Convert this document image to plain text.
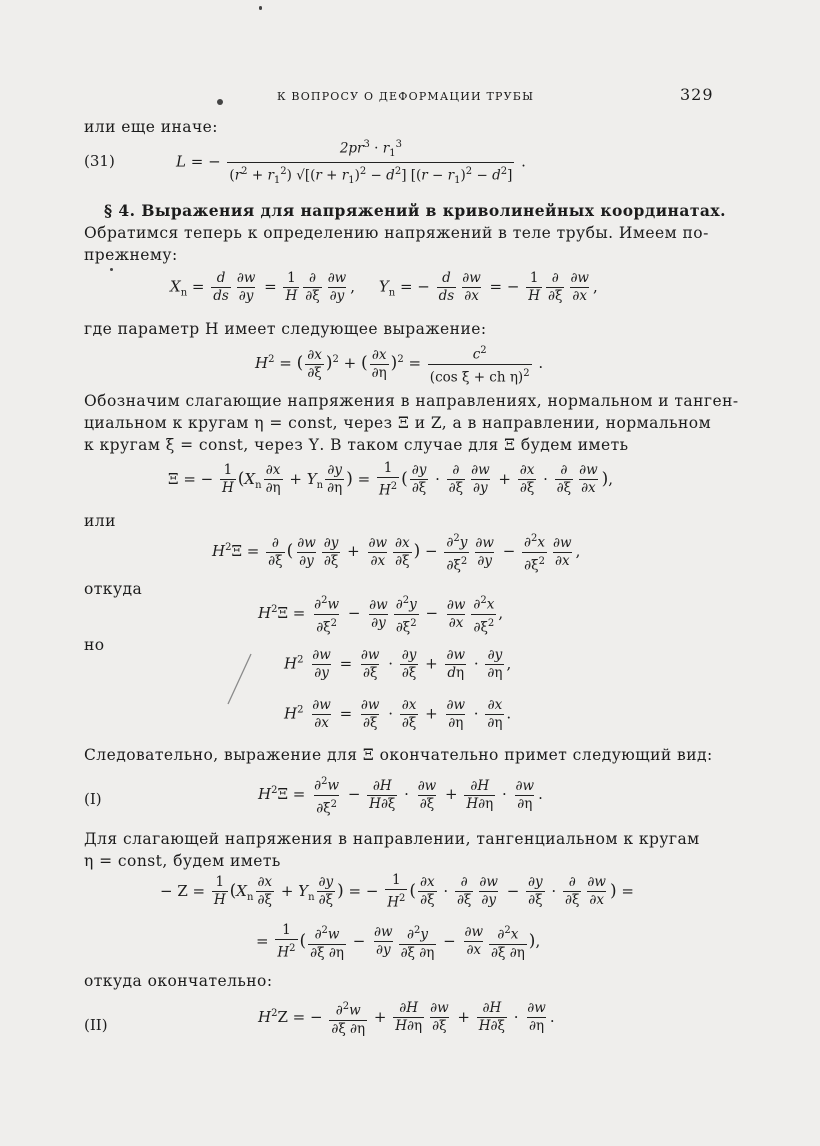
К ВОПРОСУ О ДЕФОРМАЦИИ ТРУБЫ	329
или еще иначе:
(31)	L = − $\frac{2pr^3 \cdot r_1^3}{(r^2 + r_1^2) √[(r + r_1)^2 - d^2] [(r - r_1)^2 - d^2]}$ .
§ 4. Выражения для напряжений в криволинейных координатах.
Обратимся теперь к определению напряжений в теле трубы. Имеем по-
прежнему:
$X_n = \frac{d}{ds} \frac{\partial w}{\partial y} = \frac{1}{H} \frac{\partial}{\partial\xi} \frac{\partial w}{\partial y}$ ,     $Y_n$ = − $\frac{d}{ds} \frac{\partial w}{\partial x}$ = − $\frac{1}{H} \frac{\partial}{\partial\xi} \frac{\partial w}{\partial x}$ ,
где параметр H имеет следующее выражение:
$H^2$ = ( $\frac{\partial x}{\partial\xi} )^2$ + ( $\frac{\partial x}{\partial\eta} )^2 = \frac{c^2}{(\cos \xi + ch \eta)^2}$ .
Обозначим слагающие напряжения в направлениях, нормальном и танген-
циальном к кругам η = const, через Ξ и Z, а в направлении, нормальном
к кругам ξ = const, через Υ. В таком случае для Ξ будем иметь
Ξ = − $\frac{1}{H} (X_n \frac{\partial x}{\partial\eta} + Y_n \frac{\partial y}{\partial\eta}$ ) = $\frac{1}{H^2}$ ( $\frac{\partial y}{\partial\xi} \cdot \frac{\partial}{\partial\xi} \frac{\partial w}{\partial y} + \frac{\partial x}{\partial\xi} \cdot \frac{\partial}{\partial\xi} \frac{\partial w}{\partial x}$ ),
или
$H^2\Xi = \frac{\partial}{\partial\xi}$ ( $\frac{\partial w}{\partial y} \frac{\partial y}{\partial\xi} + \frac{\partial w}{\partial x} \frac{\partial x}{\partial\xi}$ ) − $\frac{\partial^2y}{\partial\xi^2} \frac{\partial w}{\partial y} - \frac{\partial^2x}{\partial\xi^2} \frac{\partial w}{\partial x}$ ,
откуда
$H^2\Xi = \frac{\partial^2w}{\partial\xi^2} - \frac{\partial w}{\partial y} \frac{\partial^2y}{\partial\xi^2} - \frac{\partial w}{\partial x} \frac{\partial^2x}{\partial\xi^2}$ ,
но
$H^2 \frac{\partial w}{\partial y} = \frac{\partial w}{\partial\xi} \cdot \frac{\partial y}{\partial\xi} + \frac{\partial w}{d\eta} \cdot \frac{\partial y}{\partial\eta}$ ,
$H^2 \frac{\partial w}{\partial x} = \frac{\partial w}{\partial\xi} \cdot \frac{\partial x}{\partial\xi} + \frac{\partial w}{\partial\eta} \cdot \frac{\partial x}{\partial\eta}$ .
Следовательно, выражение для Ξ окончательно примет следующий вид:
(I)	$H^2\Xi = \frac{\partial^2w}{\partial\xi^2} - \frac{\partial H}{H\partial\xi} \cdot \frac{\partial w}{\partial\xi} + \frac{\partial H}{H\partial\eta} \cdot \frac{\partial w}{\partial\eta}$ .
Для слагающей напряжения в направлении, тангенциальном к кругам
η = const, будем иметь
− $Z = \frac{1}{H} (X_n \frac{\partial x}{\partial\xi} + Y_n \frac{\partial y}{\partial\xi}$ ) = − $\frac{1}{H^2}$ ( $\frac{\partial x}{\partial\xi} \cdot \frac{\partial}{\partial\xi} \frac{\partial w}{\partial y} - \frac{\partial y}{\partial\xi} \cdot \frac{\partial}{\partial\xi} \frac{\partial w}{\partial x}$ ) =
= $\frac{1}{H^2}$ ( $\frac{\partial^2w}{\partial\xi \partial\eta} - \frac{\partial w}{\partial y} \frac{\partial^2y}{\partial\xi \partial\eta} - \frac{\partial w}{\partial x} \frac{\partial^2x}{\partial\xi \partial\eta}$ ),
откуда окончательно:
(II)	$H^2Z$ = − $\frac{\partial^2w}{\partial\xi \partial\eta} + \frac{\partial H}{H\partial\eta} \frac{\partial w}{\partial\xi} + \frac{\partial H}{H\partial\xi} \cdot \frac{\partial w}{\partial\eta}$ .
